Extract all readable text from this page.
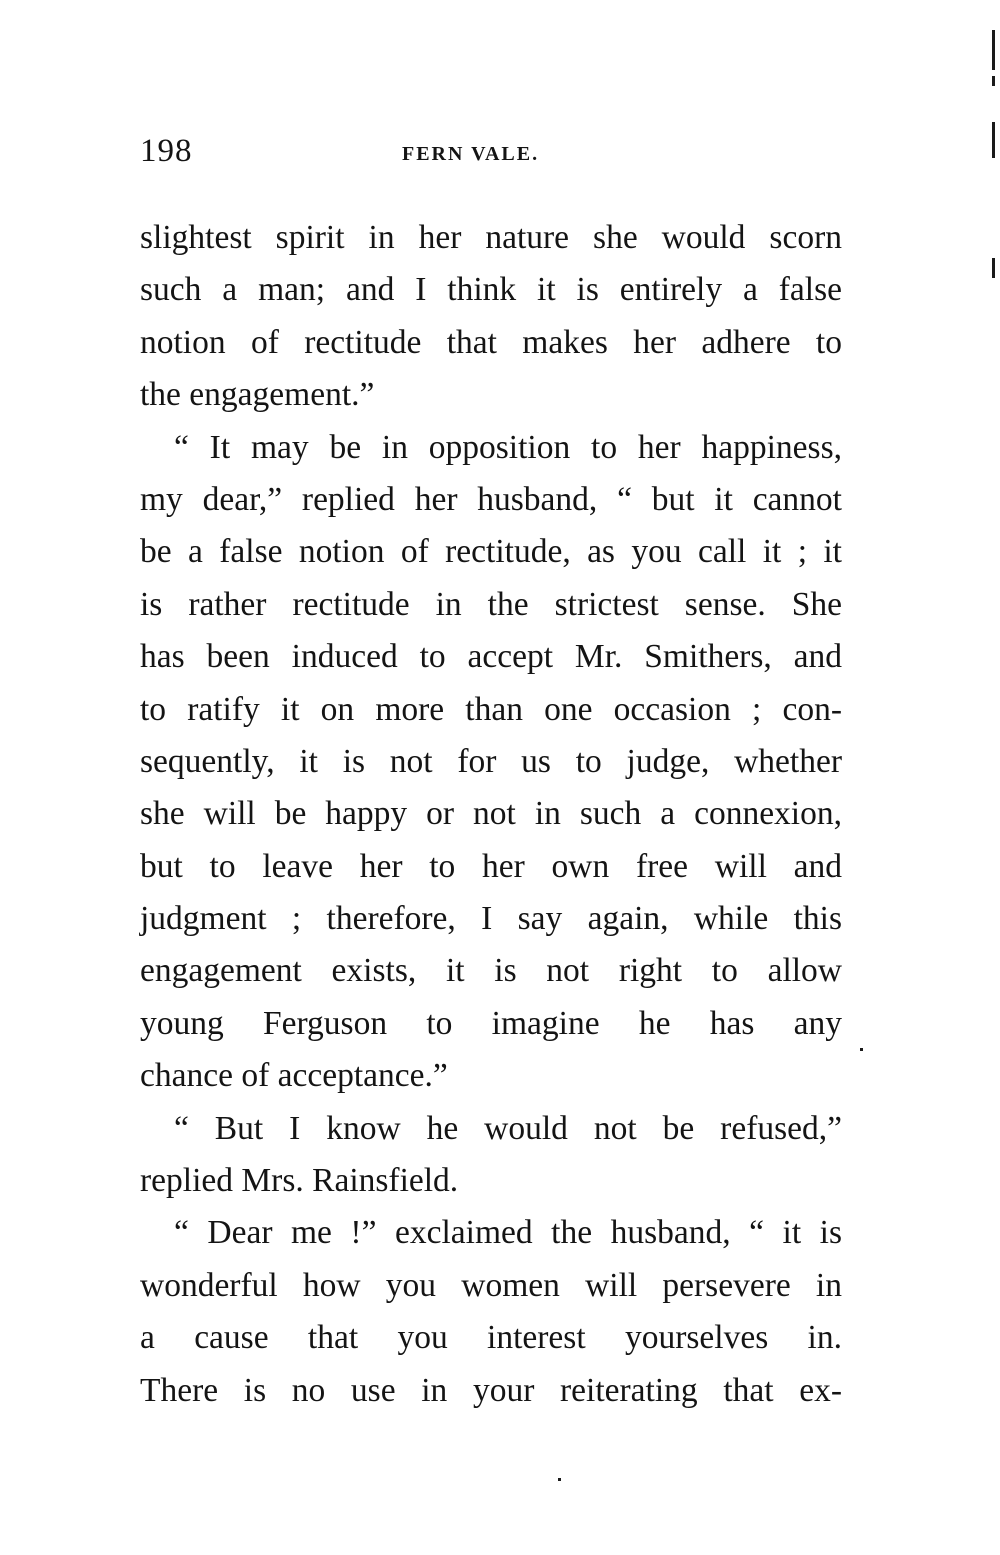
198	FERN VALE.
slightest spirit in her nature she would scorn
such a man; and I think it is entirely a false
notion of rectitude that makes her adhere to
the engagement.”
“ It may be in opposition to her happiness,
my dear,” replied her husband, “ but it cannot
be a false notion of rectitude, as you call it ; it
is rather rectitude in the strictest sense. She
has been induced to accept Mr. Smithers, and
to ratify it on more than one occasion ; con-
sequently, it is not for us to judge, whether
she will be happy or not in such a connexion,
but to leave her to her own free will and
judgment ; therefore, I say again, while this
engagement exists, it is not right to allow
young Ferguson to imagine he has any
chance of acceptance.”
“ But I know he would not be refused,”
replied Mrs. Rainsfield.
“ Dear me !” exclaimed the husband, “ it is
wonderful how you women will persevere in
a cause that you interest yourselves in.
There is no use in your reiterating that ex-
